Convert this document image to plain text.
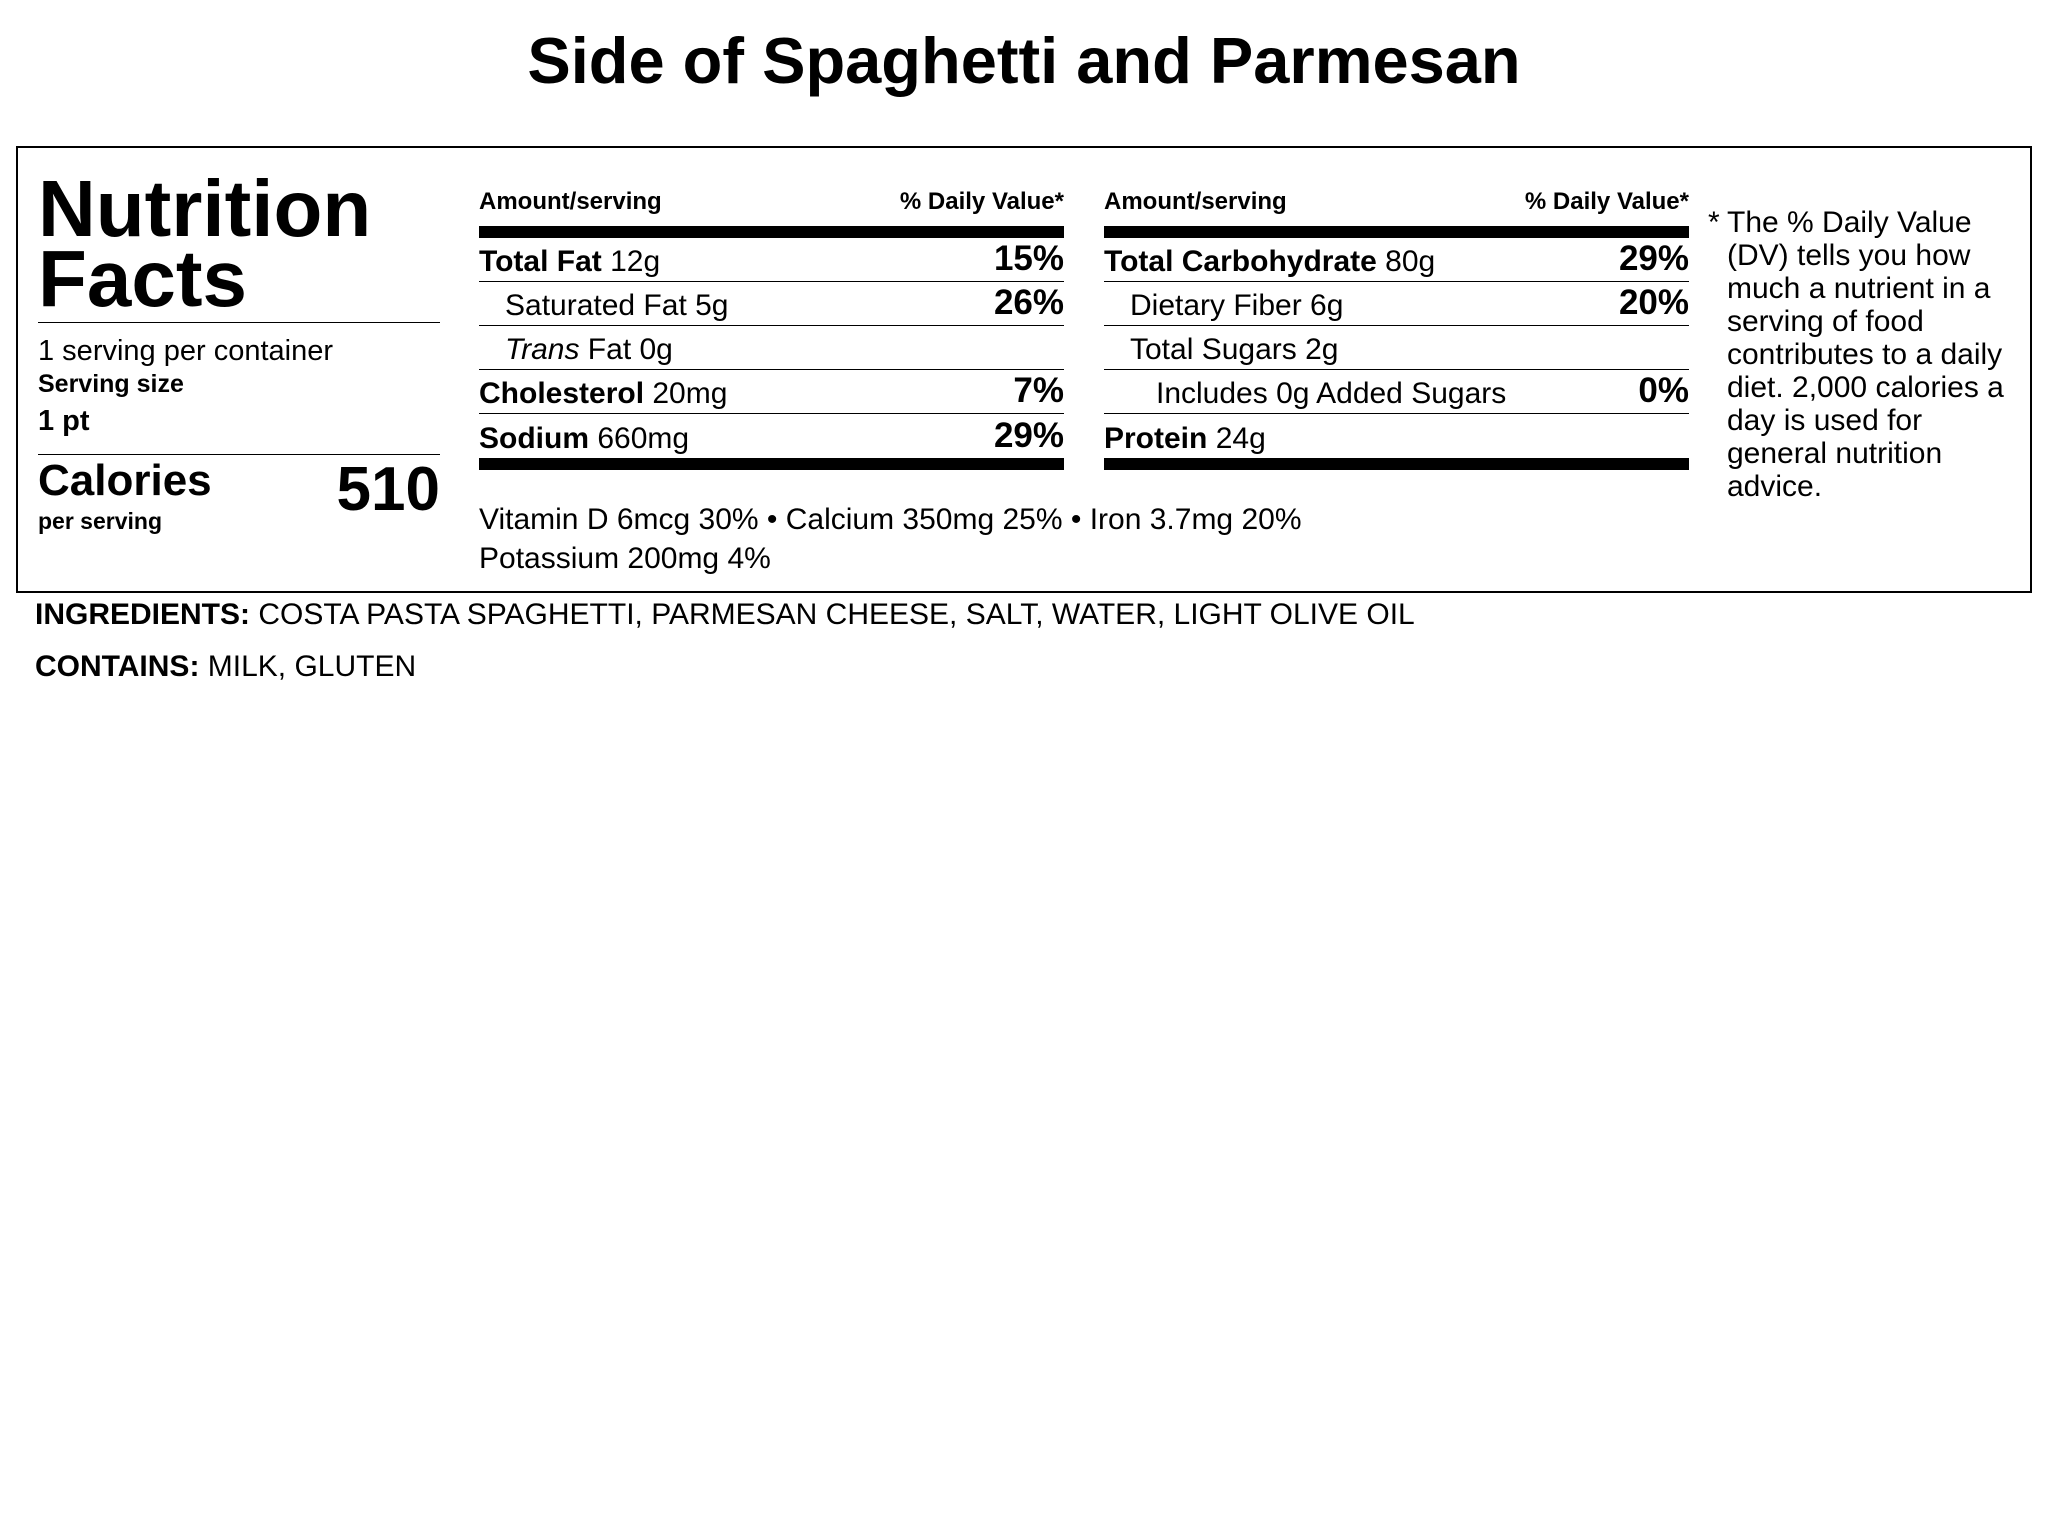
Side of Spaghetti and Parmesan
Nutrition
Facts
1 serving per container
Serving size
1 pt
Calories
per serving	510
Amount/serving	% Daily Value*
Total Fat 12g	15%
Saturated Fat 5g	26%
Trans Fat 0g
Cholesterol 20mg	7%
Sodium 660mg	29%
Amount/serving	% Daily Value*
Total Carbohydrate 80g	29%
Dietary Fiber 6g	20%
Total Sugars 2g
Includes 0g Added Sugars	0%
Protein 24g
Vitamin D 6mcg 30% • Calcium 350mg 25% • Iron 3.7mg 20%
Potassium 200mg 4%
* The % Daily Value (DV) tells you how much a nutrient in a serving of food contributes to a daily diet. 2,000 calories a day is used for general nutrition advice.
INGREDIENTS: COSTA PASTA SPAGHETTI, PARMESAN CHEESE, SALT, WATER, LIGHT OLIVE OIL
CONTAINS: MILK, GLUTEN
